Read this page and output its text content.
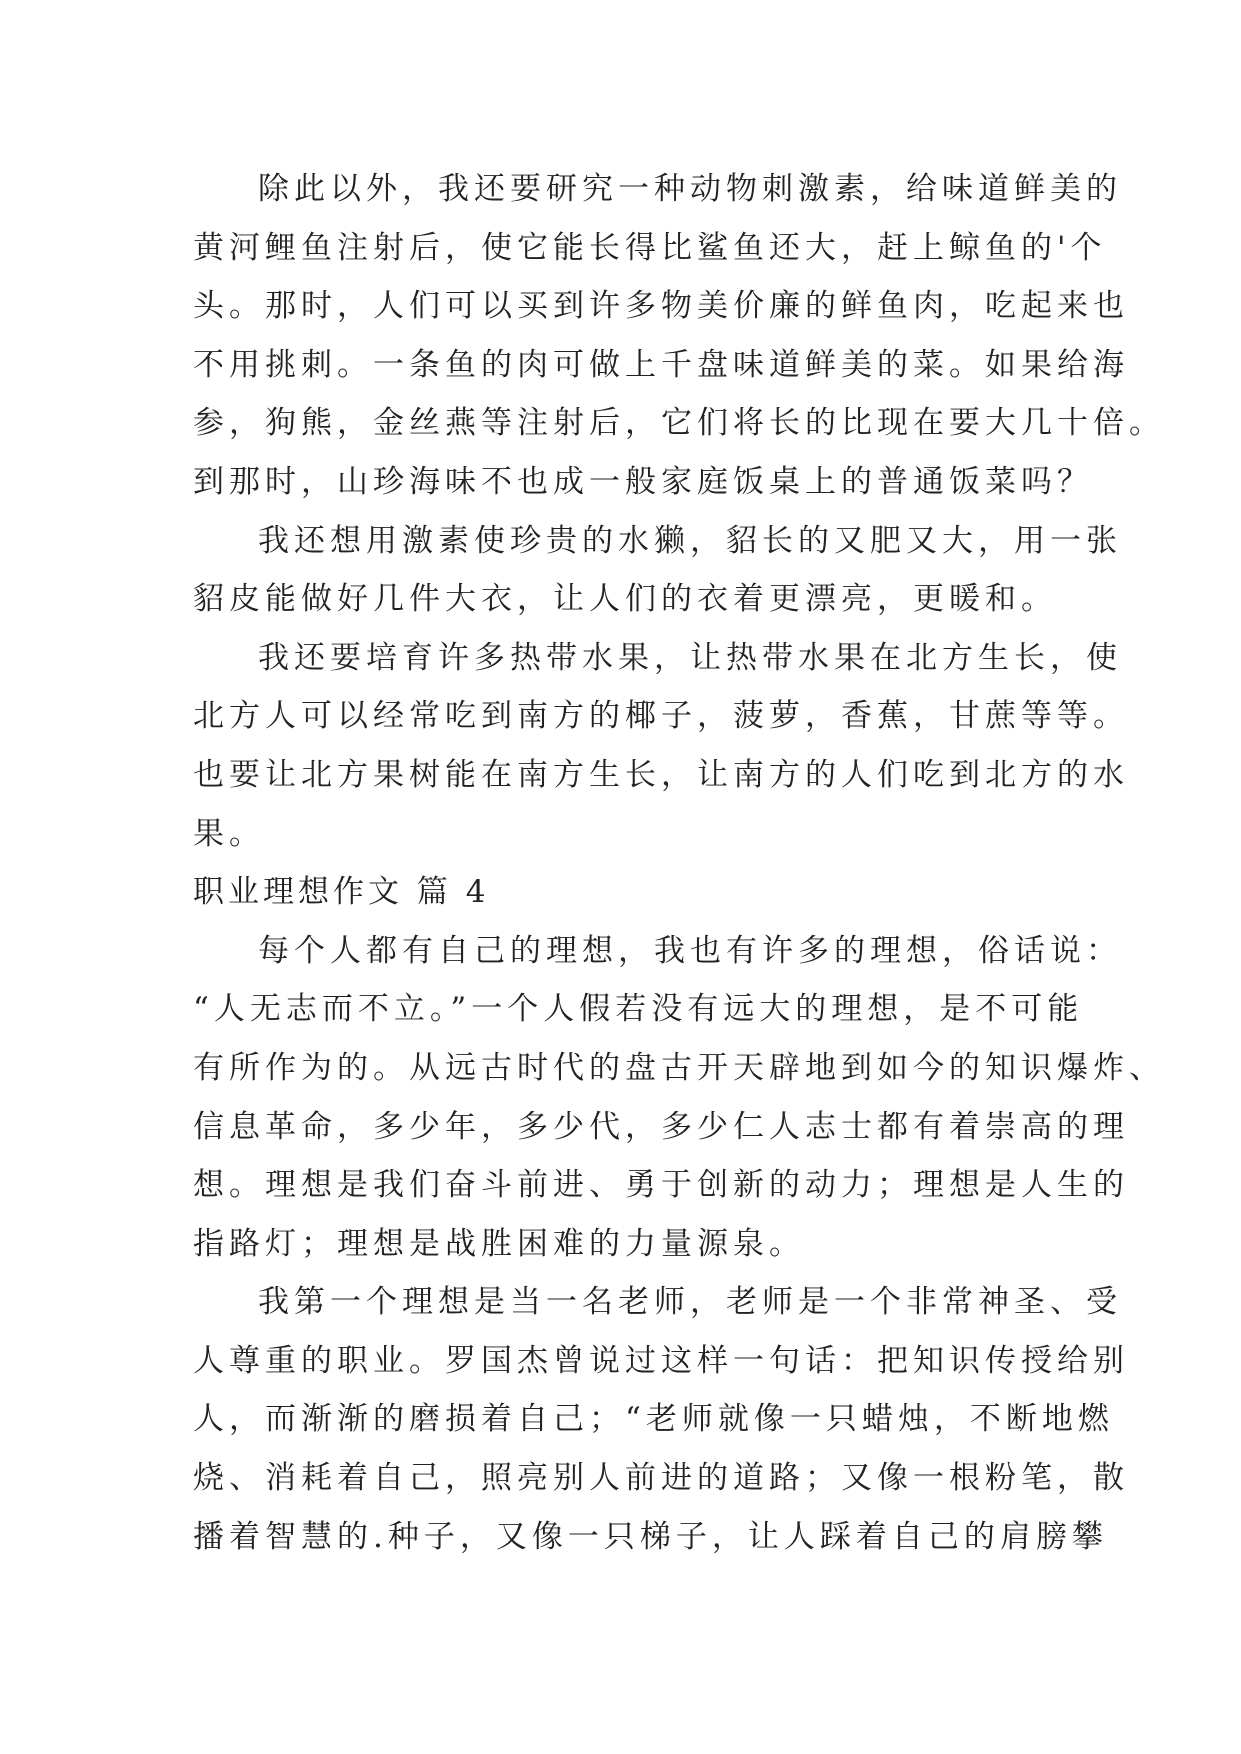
除此以外，我还要研究一种动物刺激素，给味道鲜美的
黄河鲤鱼注射后，使它能长得比鲨鱼还大，赶上鲸鱼的'个
头。那时，人们可以买到许多物美价廉的鲜鱼肉，吃起来也
不用挑刺。一条鱼的肉可做上千盘味道鲜美的菜。如果给海
参，狗熊，金丝燕等注射后，它们将长的比现在要大几十倍。
到那时，山珍海味不也成一般家庭饭桌上的普通饭菜吗？
我还想用激素使珍贵的水獭，貂长的又肥又大，用一张
貂皮能做好几件大衣，让人们的衣着更漂亮，更暖和。
我还要培育许多热带水果，让热带水果在北方生长，使
北方人可以经常吃到南方的椰子，菠萝，香蕉，甘蔗等等。
也要让北方果树能在南方生长，让南方的人们吃到北方的水
果。
职业理想作文 篇 4
每个人都有自己的理想，我也有许多的理想，俗话说：
“人无志而不立。”一个人假若没有远大的理想，是不可能
有所作为的。从远古时代的盘古开天辟地到如今的知识爆炸、
信息革命，多少年，多少代，多少仁人志士都有着崇高的理
想。理想是我们奋斗前进、勇于创新的动力；理想是人生的
指路灯；理想是战胜困难的力量源泉。
我第一个理想是当一名老师，老师是一个非常神圣、受
人尊重的职业。罗国杰曾说过这样一句话：把知识传授给别
人，而渐渐的磨损着自己；“老师就像一只蜡烛，不断地燃
烧、消耗着自己，照亮别人前进的道路；又像一根粉笔，散
播着智慧的.种子，又像一只梯子，让人踩着自己的肩膀攀
